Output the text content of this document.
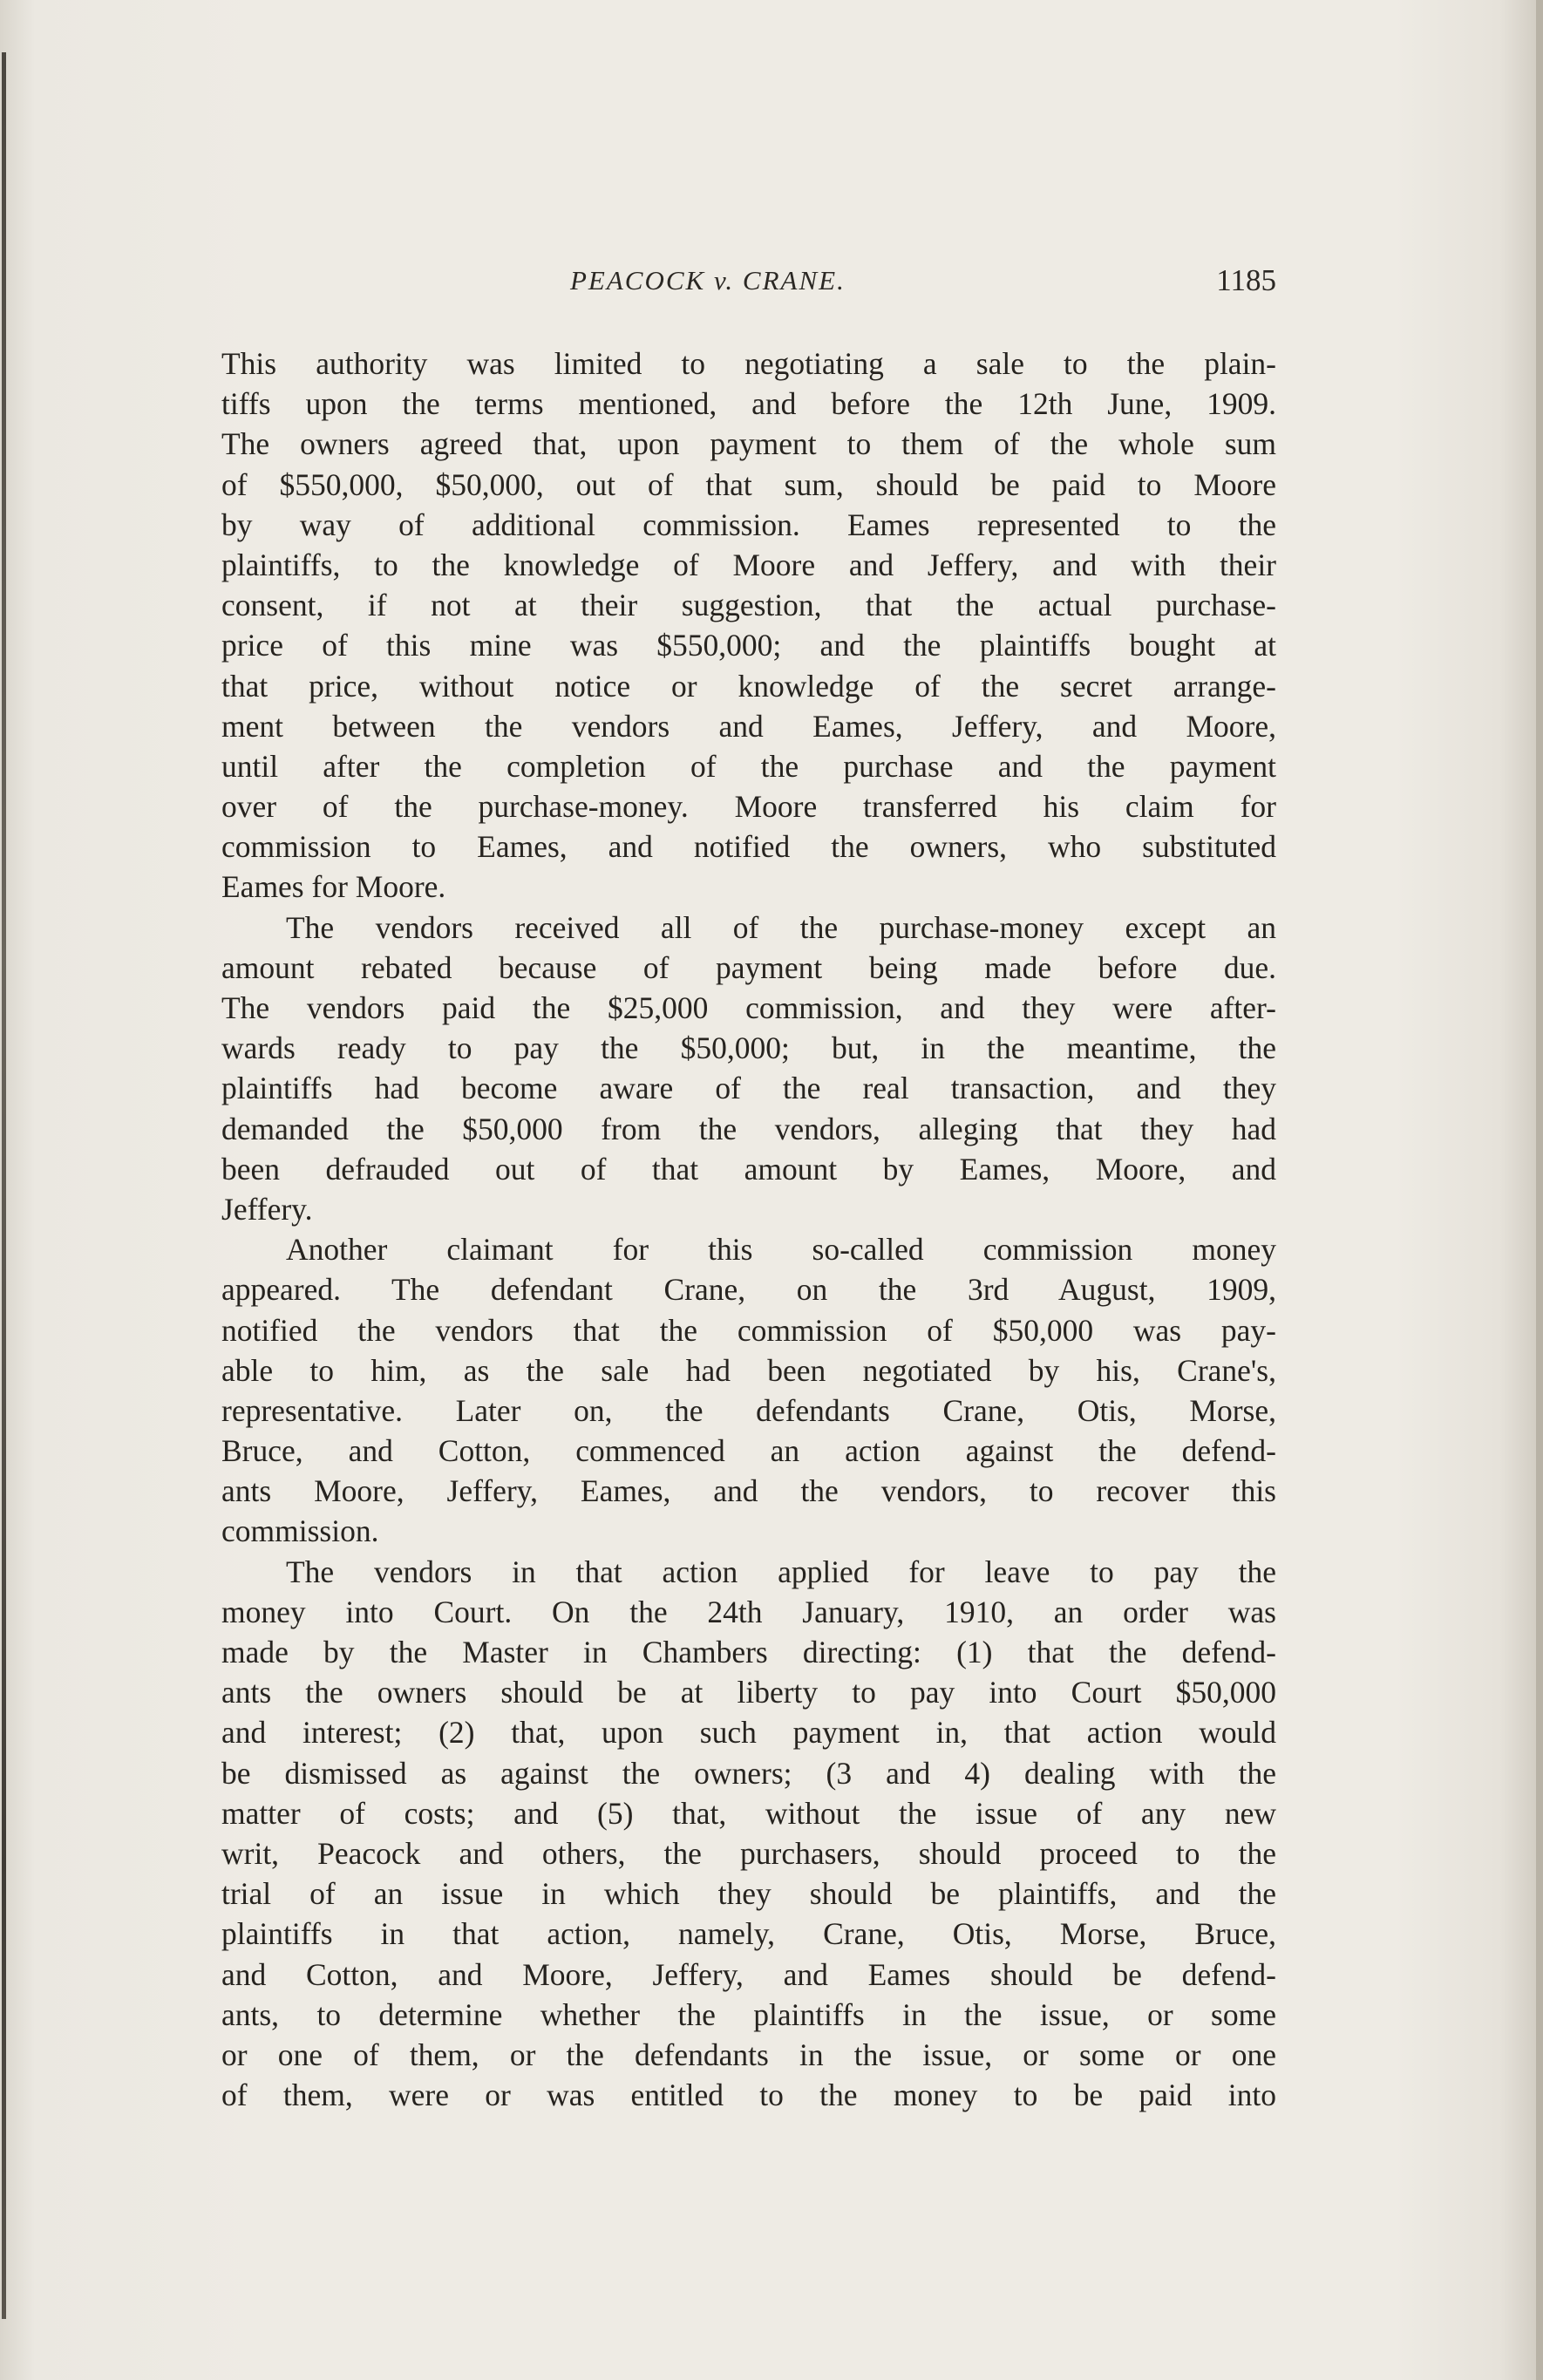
PEACOCK v. CRANE.	1185
This authority was limited to negotiating a sale to the plain-
tiffs upon the terms mentioned, and before the 12th June, 1909.
The owners agreed that, upon payment to them of the whole sum
of $550,000, $50,000, out of that sum, should be paid to Moore
by way of additional commission. Eames represented to the
plaintiffs, to the knowledge of Moore and Jeffery, and with their
consent, if not at their suggestion, that the actual purchase-
price of this mine was $550,000; and the plaintiffs bought at
that price, without notice or knowledge of the secret arrange-
ment between the vendors and Eames, Jeffery, and Moore,
until after the completion of the purchase and the payment
over of the purchase-money. Moore transferred his claim for
commission to Eames, and notified the owners, who substituted
Eames for Moore.
The vendors received all of the purchase-money except an
amount rebated because of payment being made before due.
The vendors paid the $25,000 commission, and they were after-
wards ready to pay the $50,000; but, in the meantime, the
plaintiffs had become aware of the real transaction, and they
demanded the $50,000 from the vendors, alleging that they had
been defrauded out of that amount by Eames, Moore, and
Jeffery.
Another claimant for this so-called commission money
appeared. The defendant Crane, on the 3rd August, 1909,
notified the vendors that the commission of $50,000 was pay-
able to him, as the sale had been negotiated by his, Crane's,
representative. Later on, the defendants Crane, Otis, Morse,
Bruce, and Cotton, commenced an action against the defend-
ants Moore, Jeffery, Eames, and the vendors, to recover this
commission.
The vendors in that action applied for leave to pay the
money into Court. On the 24th January, 1910, an order was
made by the Master in Chambers directing: (1) that the defend-
ants the owners should be at liberty to pay into Court $50,000
and interest; (2) that, upon such payment in, that action would
be dismissed as against the owners; (3 and 4) dealing with the
matter of costs; and (5) that, without the issue of any new
writ, Peacock and others, the purchasers, should proceed to the
trial of an issue in which they should be plaintiffs, and the
plaintiffs in that action, namely, Crane, Otis, Morse, Bruce,
and Cotton, and Moore, Jeffery, and Eames should be defend-
ants, to determine whether the plaintiffs in the issue, or some
or one of them, or the defendants in the issue, or some or one
of them, were or was entitled to the money to be paid into
